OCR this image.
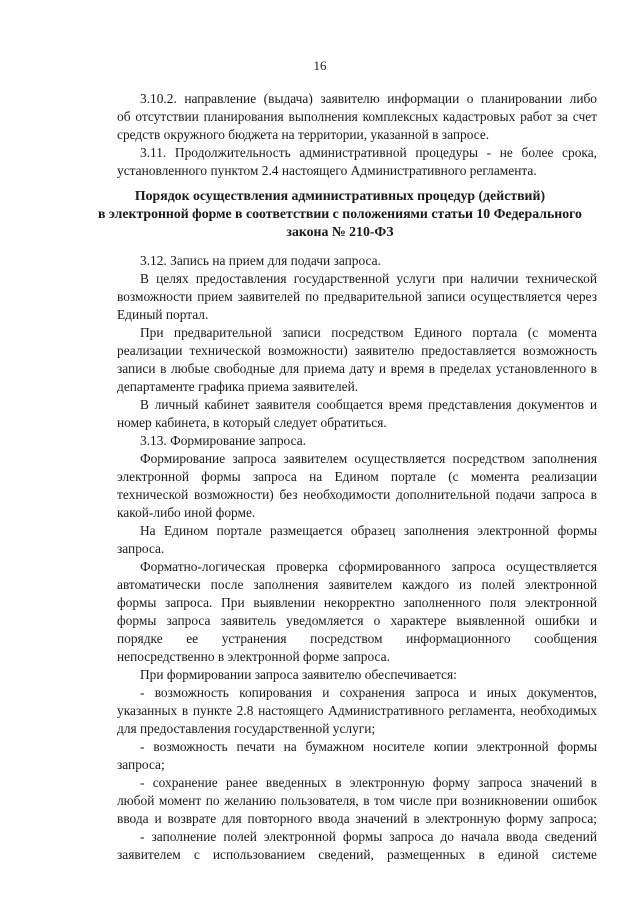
16
3.10.2. направление (выдача) заявителю информации о планировании либо
об отсутствии планирования выполнения комплексных кадастровых работ за счет
средств окружного бюджета на территории, указанной в запросе.
3.11. Продолжительность административной процедуры - не более срока,
установленного пунктом 2.4 настоящего Административного регламента.
Порядок осуществления административных процедур (действий)
в электронной форме в соответствии с положениями статьи 10 Федерального
закона № 210-ФЗ
3.12. Запись на прием для подачи запроса.
В целях предоставления государственной услуги при наличии технической
возможности прием заявителей по предварительной записи осуществляется через
Единый портал.
При предварительной записи посредством Единого портала (с момента
реализации технической возможности) заявителю предоставляется возможность
записи в любые свободные для приема дату и время в пределах установленного в
департаменте графика приема заявителей.
В личный кабинет заявителя сообщается время представления документов и
номер кабинета, в который следует обратиться.
3.13. Формирование запроса.
Формирование запроса заявителем осуществляется посредством заполнения
электронной формы запроса на Едином портале (с момента реализации
технической возможности) без необходимости дополнительной подачи запроса в
какой-либо иной форме.
На Едином портале размещается образец заполнения электронной формы
запроса.
Форматно-логическая проверка сформированного запроса осуществляется
автоматически после заполнения заявителем каждого из полей электронной
формы запроса. При выявлении некорректно заполненного поля электронной
формы запроса заявитель уведомляется о характере выявленной ошибки и
порядке ее устранения посредством информационного сообщения
непосредственно в электронной форме запроса.
При формировании запроса заявителю обеспечивается:
- возможность копирования и сохранения запроса и иных документов,
указанных в пункте 2.8 настоящего Административного регламента, необходимых
для предоставления государственной услуги;
- возможность печати на бумажном носителе копии электронной формы
запроса;
- сохранение ранее введенных в электронную форму запроса значений в
любой момент по желанию пользователя, в том числе при возникновении ошибок
ввода и возврате для повторного ввода значений в электронную форму запроса;
- заполнение полей электронной формы запроса до начала ввода сведений
заявителем с использованием сведений, размещенных в единой системе
